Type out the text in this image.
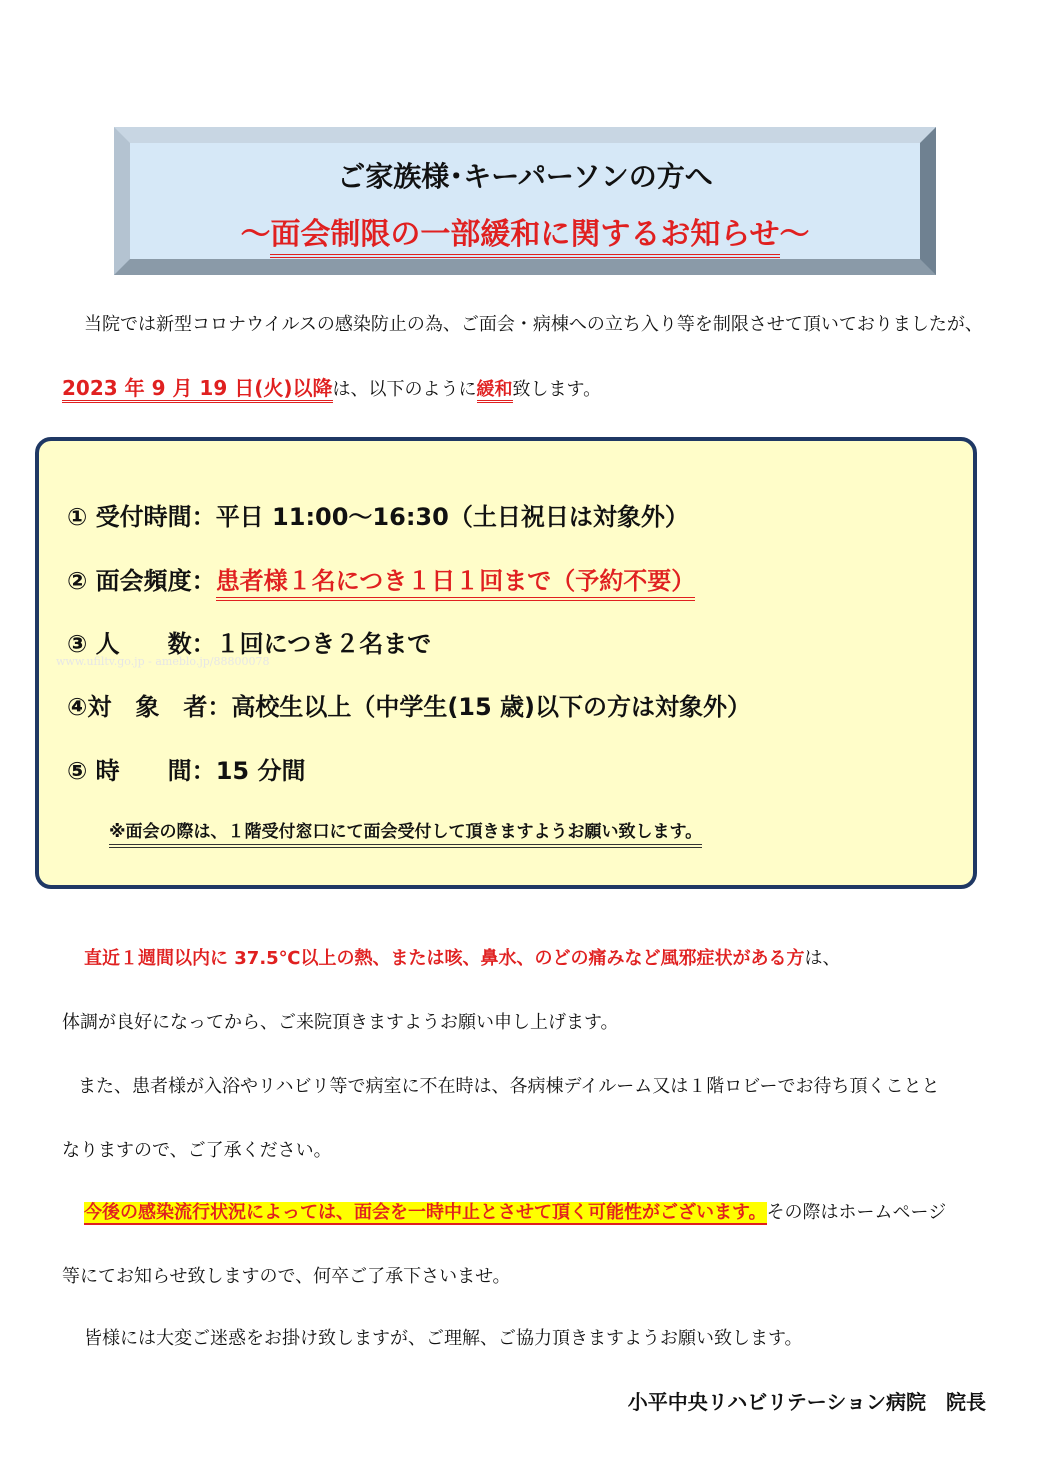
ご家族様･キーパーソンの方へ
〜面会制限の一部緩和に関するお知らせ〜
当院では新型コロナウイルスの感染防止の為、ご面会・病棟への立ち入り等を制限させて頂いておりましたが、
2023 年 9 月 19 日(火)以降は、以下のように緩和致します。
① 受付時間：平日 11:00〜16:30（土日祝日は対象外）
② 面会頻度：患者様１名につき１日１回まで（予約不要）
③ 人　　数：１回につき２名まで
④対　象　者：高校生以上（中学生(15 歳)以下の方は対象外）
⑤ 時　　間：15 分間
※面会の際は、１階受付窓口にて面会受付して頂きますようお願い致します。
www.ufiltv.go.jp - ameblo.jp/88800078
直近１週間以内に 37.5℃以上の熱、または咳、鼻水、のどの痛みなど風邪症状がある方は、
体調が良好になってから、ご来院頂きますようお願い申し上げます。
また、患者様が入浴やリハビリ等で病室に不在時は、各病棟デイルーム又は１階ロビーでお待ち頂くことと
なりますので、ご了承ください。
今後の感染流行状況によっては、面会を一時中止とさせて頂く可能性がございます。その際はホームページ
等にてお知らせ致しますので、何卒ご了承下さいませ。
皆様には大変ご迷惑をお掛け致しますが、ご理解、ご協力頂きますようお願い致します。
小平中央リハビリテーション病院　院長
